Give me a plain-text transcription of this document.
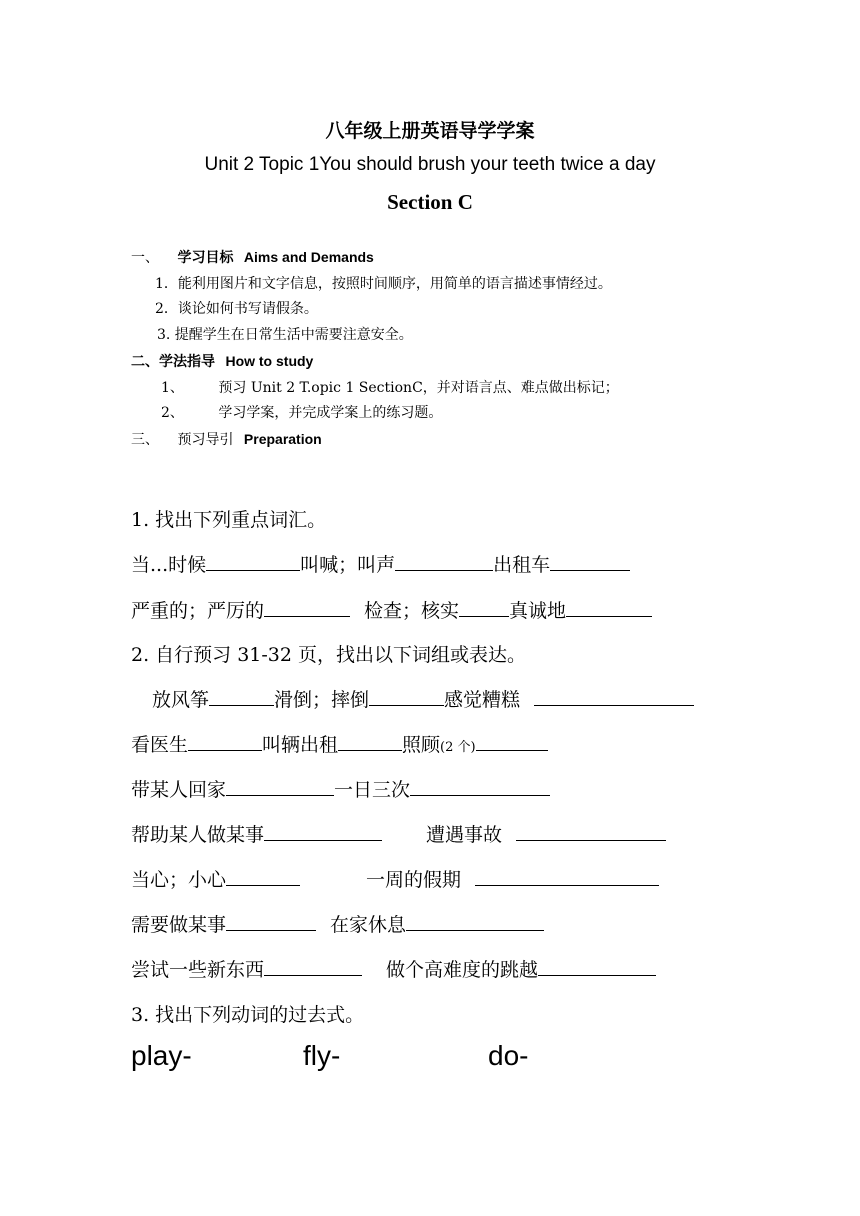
八年级上册英语导学学案
Unit 2 Topic 1You should brush your teeth twice a day
Section C
一、 学习目标 Aims and Demands
1．能利用图片和文字信息，按照时间顺序，用简单的语言描述事情经过。
2．谈论如何书写请假条。
3. 提醒学生在日常生活中需要注意安全。
二、学法指导 How to study
1、 预习 Unit 2 T.opic 1 SectionC，并对语言点、难点做出标记；
2、 学习学案，并完成学案上的练习题。
三、 预习导引 Preparation
1. 找出下列重点词汇。
当...时候	叫喊；叫声	出租车
严重的；严厉的	检查；核实	真诚地
2. 自行预习 31-32 页，找出以下词组或表达。
放风筝	滑倒；摔倒	感觉糟糕
看医生	叫辆出租	照顾(2 个)
带某人回家	一日三次
帮助某人做某事	遭遇事故
当心；小心	一周的假期
需要做某事	在家休息
尝试一些新东西	做个高难度的跳越
3. 找出下列动词的过去式。
play-	fly-	do-
